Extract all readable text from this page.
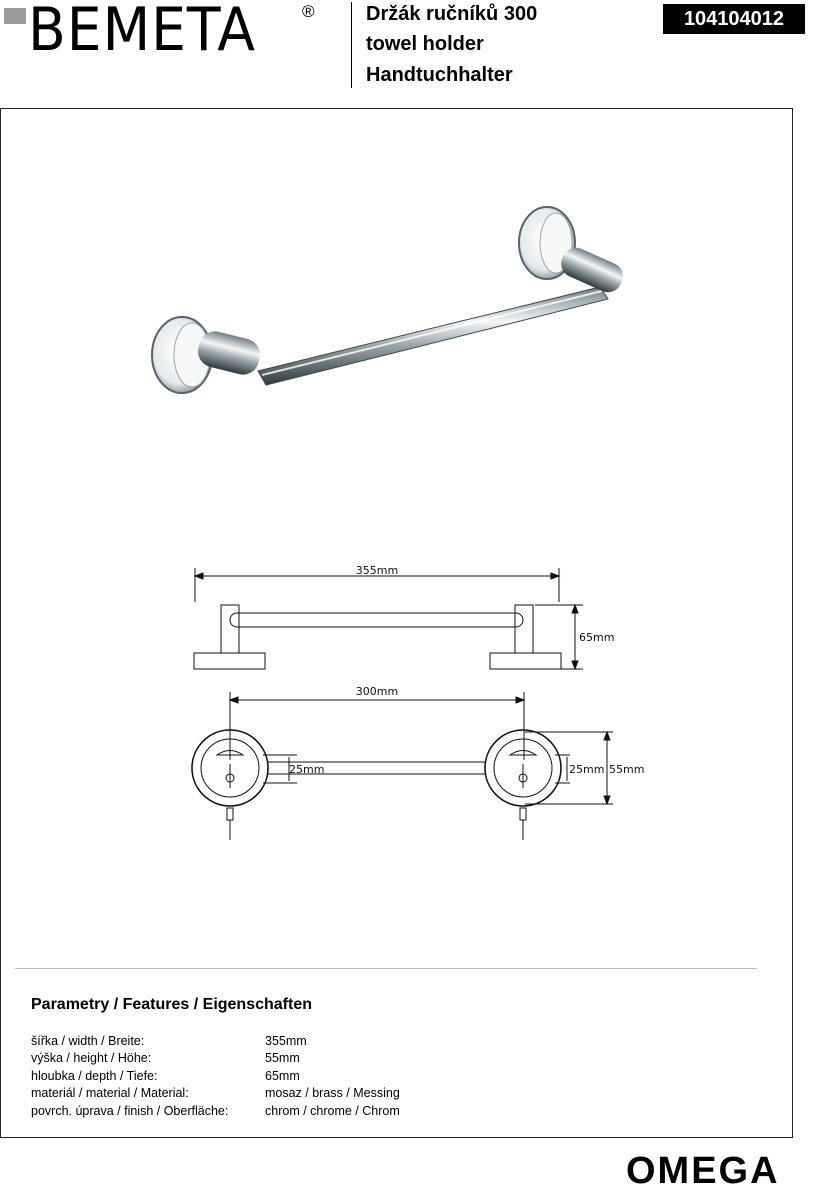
BEMETA	®	Držák ručníků 300
towel holder
Handtuchhalter
104104012
355mm
65mm
300mm
25mm	25mm 55mm
Parametry / Features / Eigenschaften
šířka / width / Breite:	355mm
výška / height / Höhe:	55mm
hloubka / depth / Tiefe:	65mm
materiál / material / Material:	mosaz / brass / Messing
povrch. úprava / finish / Oberfläche:	chrom / chrome / Chrom
OMEGA
